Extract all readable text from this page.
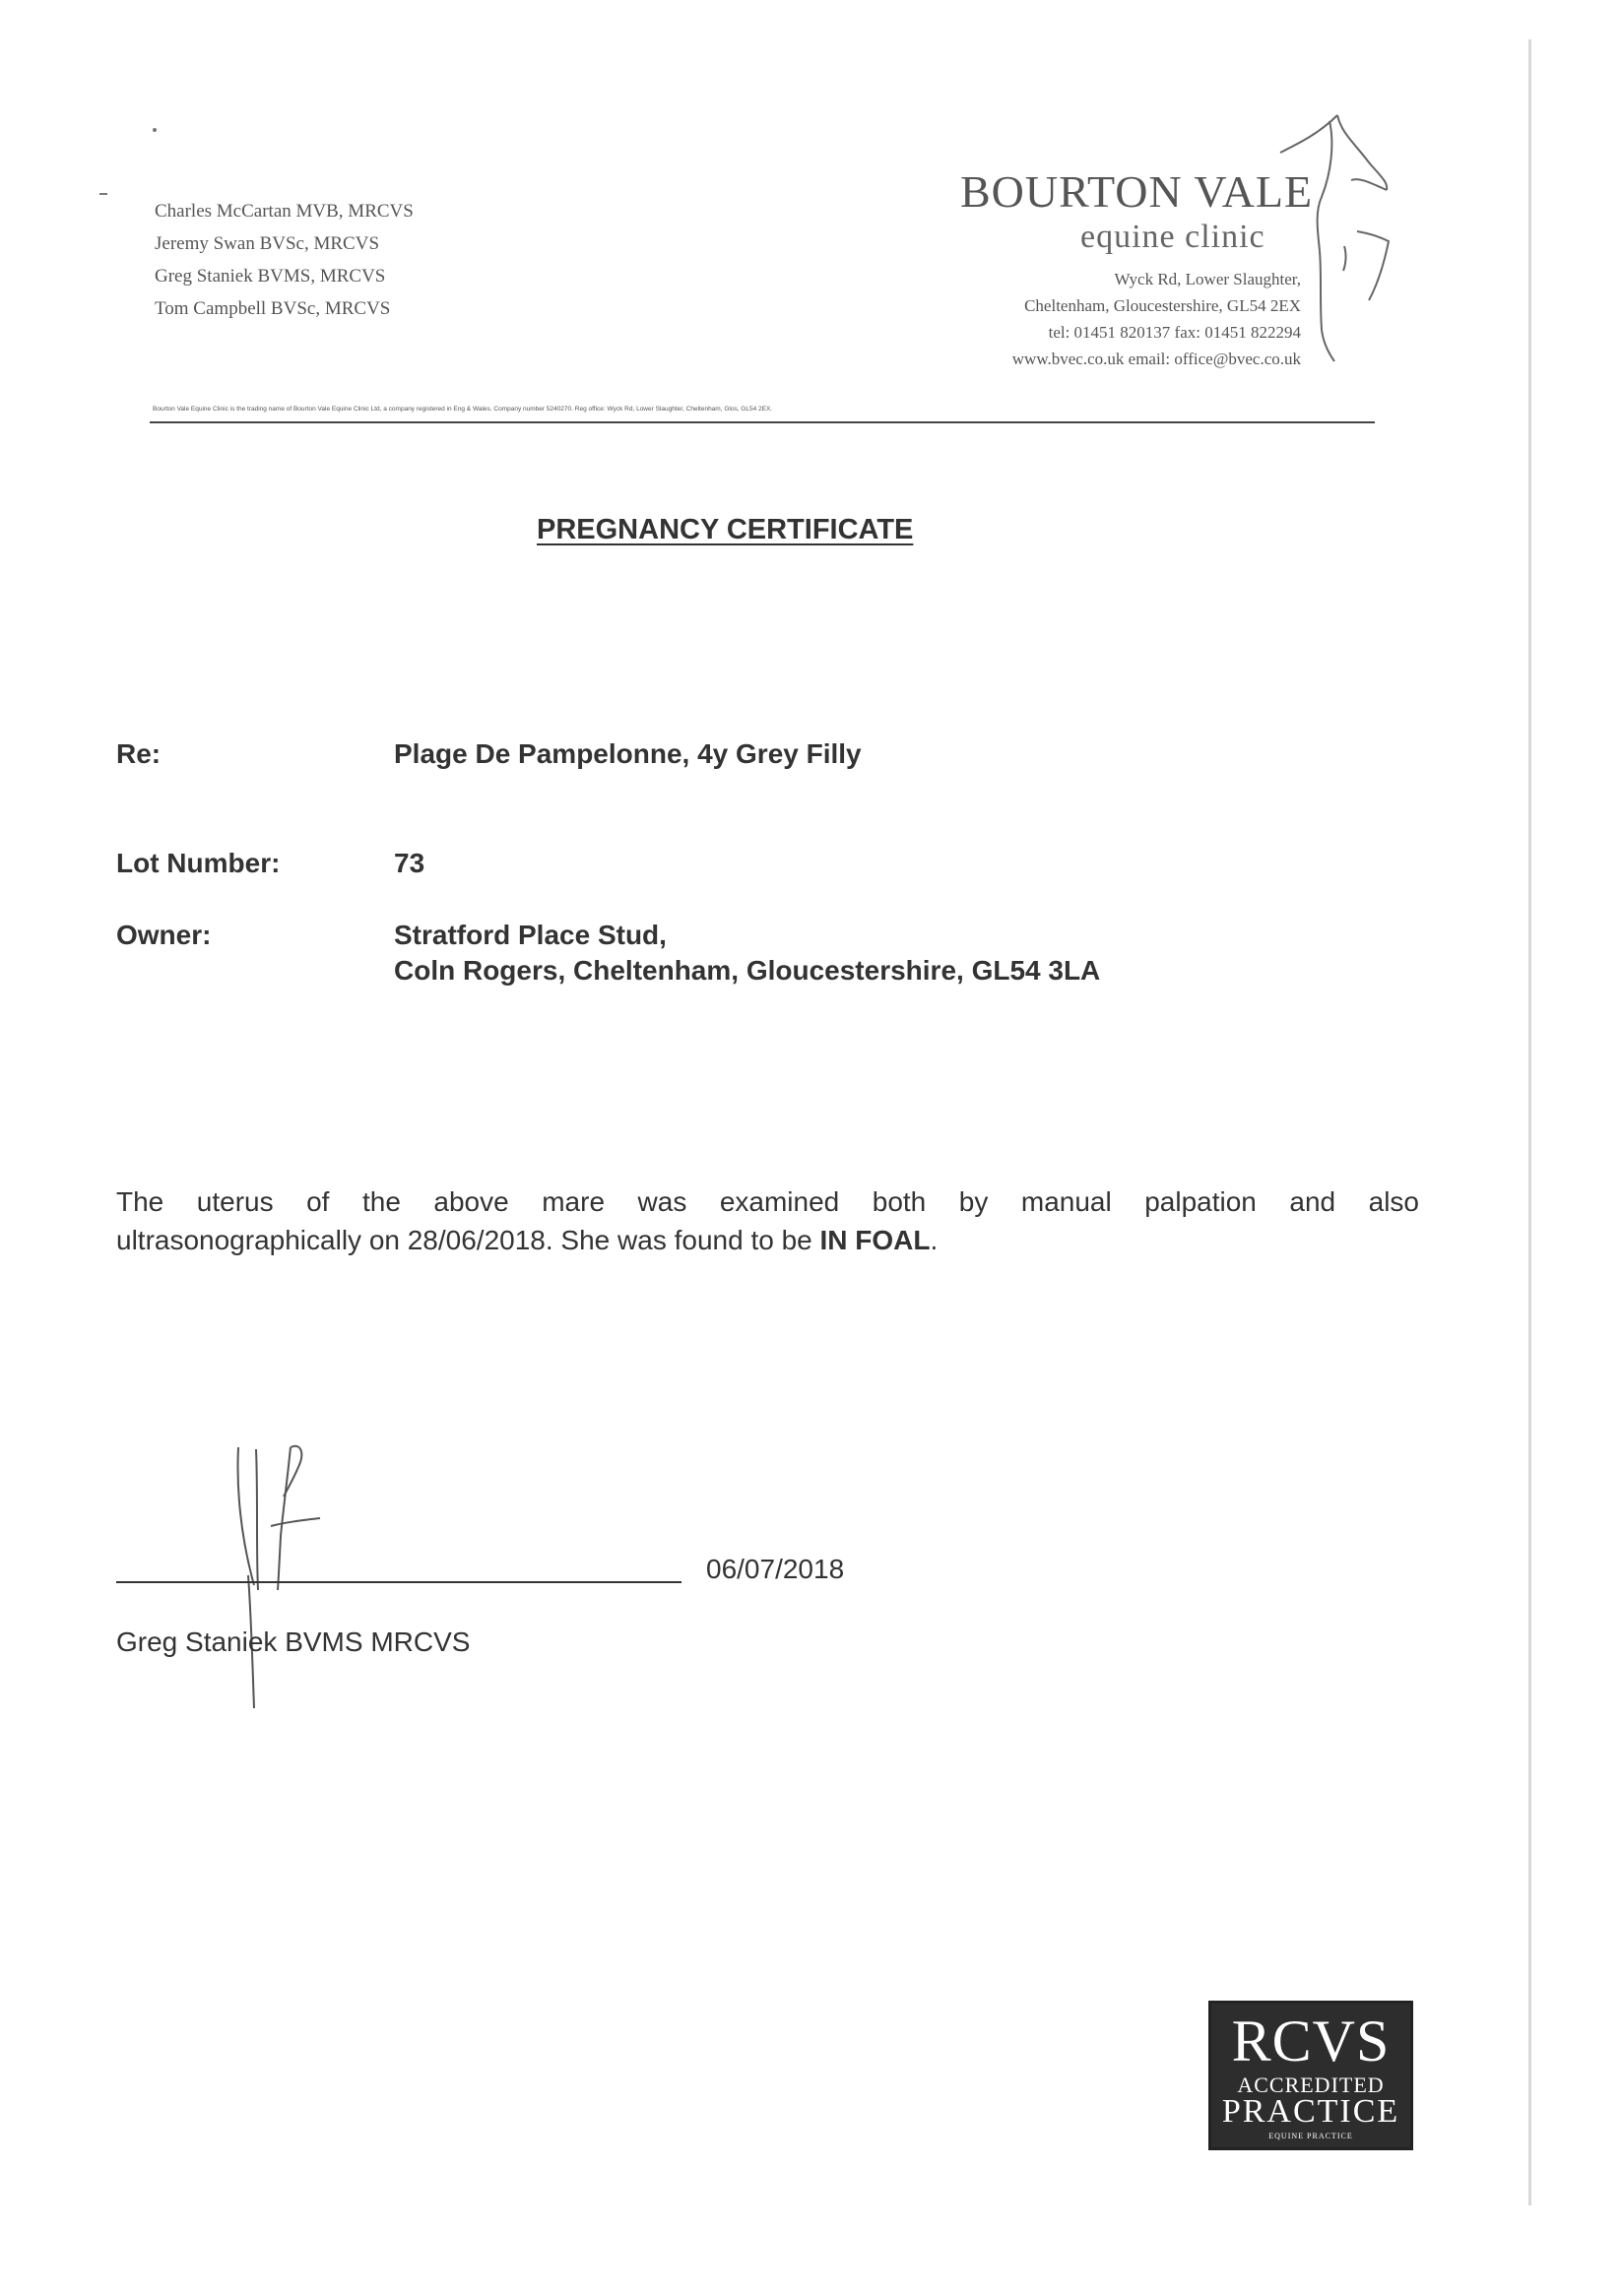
Charles McCartan MVB, MRCVS
Jeremy Swan BVSc, MRCVS
Greg Staniek BVMS, MRCVS
Tom Campbell BVSc, MRCVS
BOURTON VALE
equine clinic
Wyck Rd, Lower Slaughter,
Cheltenham, Gloucestershire, GL54 2EX
tel: 01451 820137 fax: 01451 822294
www.bvec.co.uk email: office@bvec.co.uk
Bourton Vale Equine Clinic is the trading name of Bourton Vale Equine Clinic Ltd, a company registered in Eng & Wales. Company number 5240270. Reg office: Wyck Rd, Lower Slaughter, Cheltenham, Glos, GL54 2EX.
PREGNANCY CERTIFICATE
Re:	Plage De Pampelonne, 4y Grey Filly
Lot Number:	73
Owner:	Stratford Place Stud,
Coln Rogers, Cheltenham, Gloucestershire, GL54 3LA
The uterus of the above mare was examined both by manual palpation and also
ultrasonographically on 28/06/2018. She was found to be IN FOAL.
06/07/2018
Greg Staniek BVMS MRCVS
RCVS
ACCREDITED
PRACTICE
EQUINE PRACTICE
